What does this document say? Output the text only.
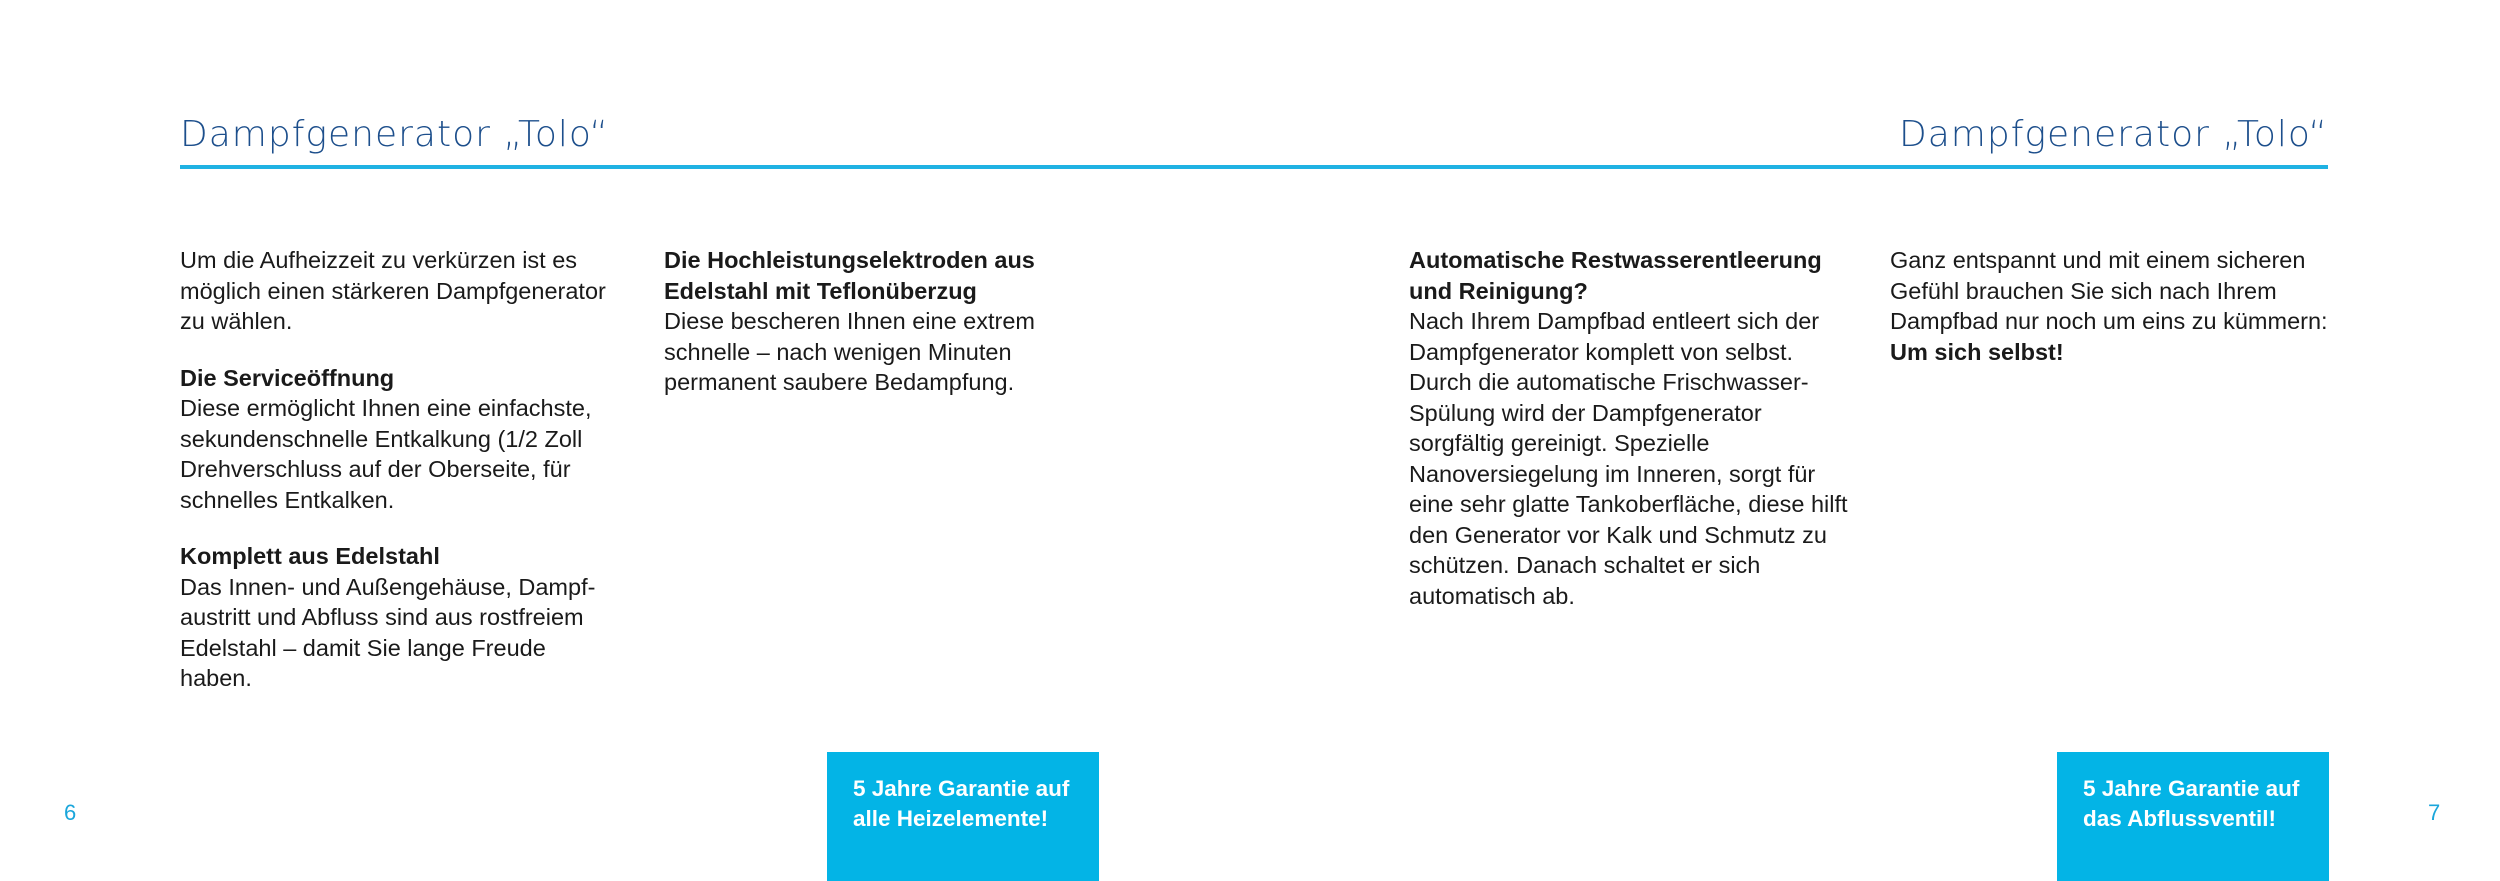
Dampfgenerator „Tolo“	Dampfgenerator „Tolo“

Um die Aufheizzeit zu verkürzen ist es möglich einen stärkeren Dampfgenerator zu wählen.

Die Serviceöffnung
Diese ermöglicht Ihnen eine einfachste, sekundenschnelle Entkalkung (1/2 Zoll Drehverschluss auf der Oberseite, für schnelles Entkalken.

Komplett aus Edelstahl
Das Innen- und Außengehäuse, Dampfaustritt und Abfluss sind aus rostfreiem Edelstahl – damit Sie lange Freude haben.

Die Hochleistungselektroden aus Edelstahl mit Teflonüberzug
Diese bescheren Ihnen eine extrem schnelle – nach wenigen Minuten permanent saubere Bedampfung.

Automatische Restwasserentleerung und Reinigung?
Nach Ihrem Dampfbad entleert sich der Dampfgenerator komplett von selbst. Durch die automatische Frischwasser-Spülung wird der Dampfgenerator sorgfältig gereinigt. Spezielle Nanoversiegelung im Inneren, sorgt für eine sehr glatte Tankoberfläche, diese hilft den Generator vor Kalk und Schmutz zu schützen. Danach schaltet er sich automatisch ab.

Ganz entspannt und mit einem sicheren Gefühl brauchen Sie sich nach Ihrem Dampfbad nur noch um eins zu kümmern: Um sich selbst!

5 Jahre Garantie auf
alle Heizelemente!
5 Jahre Garantie auf
das Abflussventil!
6	7
